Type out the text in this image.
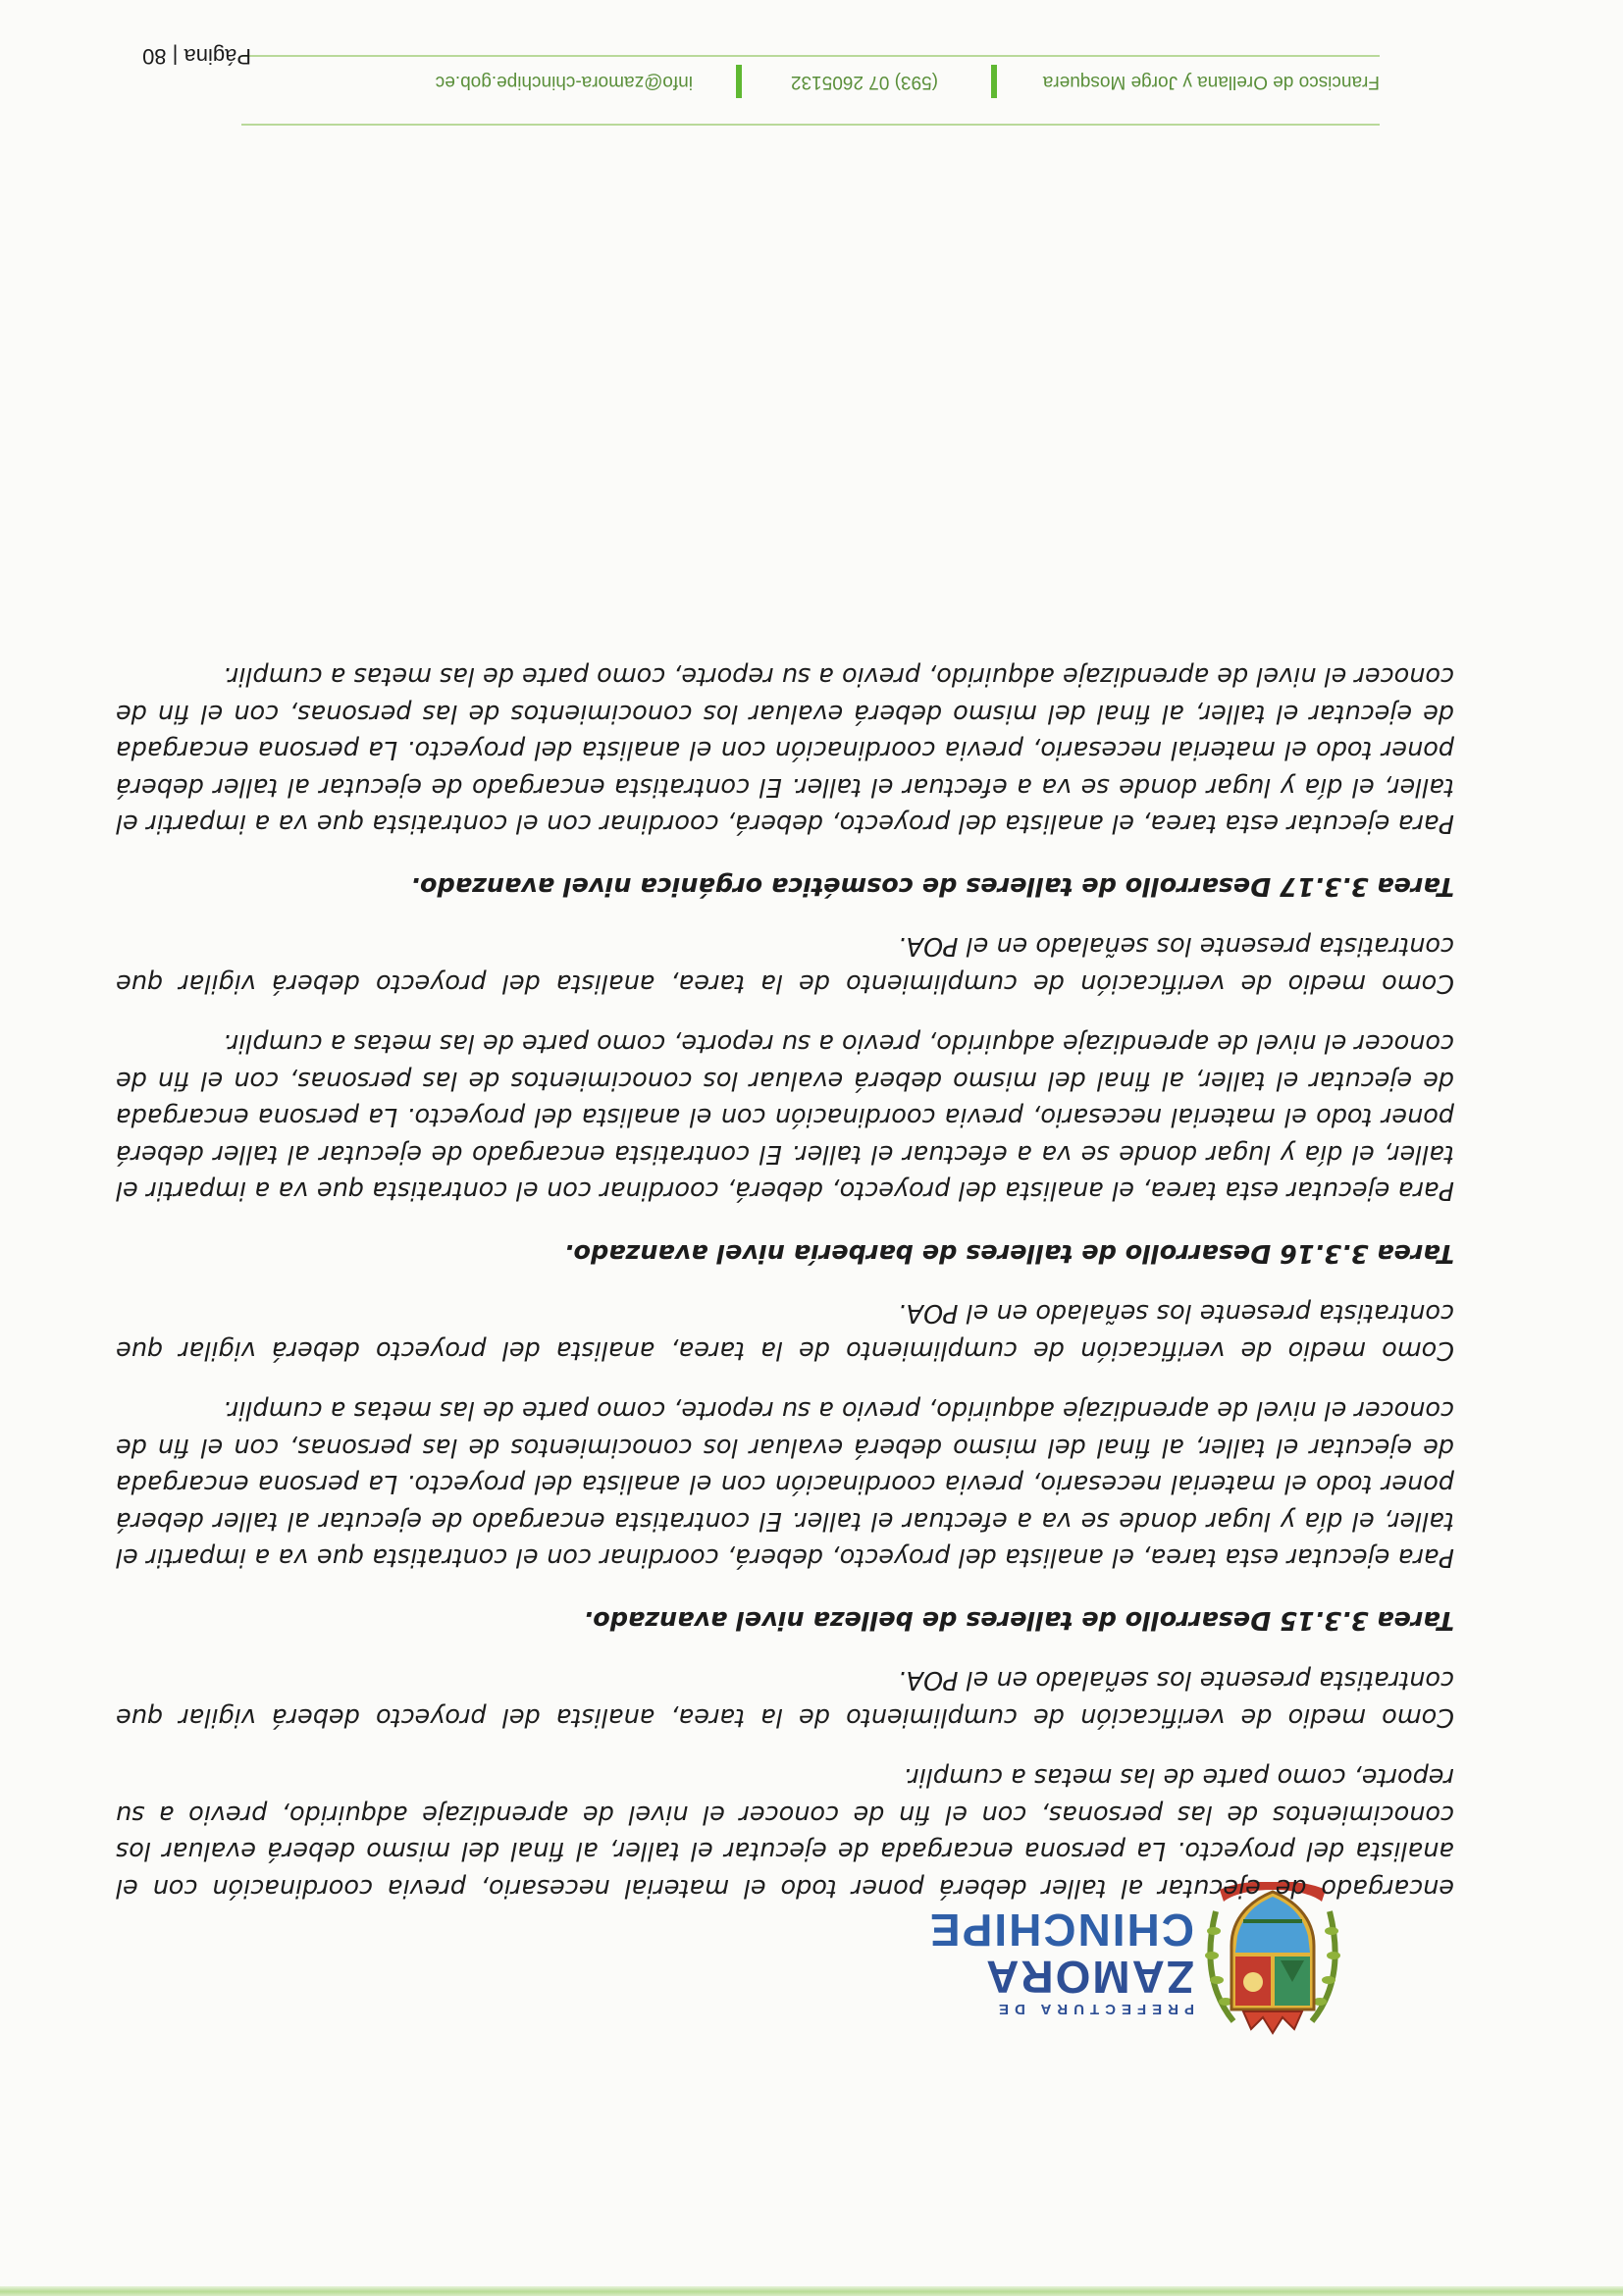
PREFECTURA DE
ZAMORA
CHINCHIPE

encargado de ejecutar al taller deberá poner todo el material necesario, previa coordinación con el analista del proyecto. La persona encargada de ejecutar el taller, al final del mismo deberá evaluar los conocimientos de las personas, con el fin de conocer el nivel de aprendizaje adquirido, previo a su reporte, como parte de las metas a cumplir.

Como medio de verificación de cumplimiento de la tarea, analista del proyecto deberá vigilar que contratista presente los señalado en el POA.

Tarea 3.3.15 Desarrollo de talleres de belleza nivel avanzado.

Para ejecutar esta tarea, el analista del proyecto, deberá, coordinar con el contratista que va a impartir el taller, el día y lugar donde se va a efectuar el taller. El contratista encargado de ejecutar al taller deberá poner todo el material necesario, previa coordinación con el analista del proyecto. La persona encargada de ejecutar el taller, al final del mismo deberá evaluar los conocimientos de las personas, con el fin de conocer el nivel de aprendizaje adquirido, previo a su reporte, como parte de las metas a cumplir.

Como medio de verificación de cumplimiento de la tarea, analista del proyecto deberá vigilar que contratista presente los señalado en el POA.

Tarea 3.3.16 Desarrollo de talleres de barbería nivel avanzado.

Para ejecutar esta tarea, el analista del proyecto, deberá, coordinar con el contratista que va a impartir el taller, el día y lugar donde se va a efectuar el taller. El contratista encargado de ejecutar al taller deberá poner todo el material necesario, previa coordinación con el analista del proyecto. La persona encargada de ejecutar el taller, al final del mismo deberá evaluar los conocimientos de las personas, con el fin de conocer el nivel de aprendizaje adquirido, previo a su reporte, como parte de las metas a cumplir.

Como medio de verificación de cumplimiento de la tarea, analista del proyecto deberá vigilar que contratista presente los señalado en el POA.

Tarea 3.3.17 Desarrollo de talleres de cosmética orgánica nivel avanzado.

Para ejecutar esta tarea, el analista del proyecto, deberá, coordinar con el contratista que va a impartir el taller, el día y lugar donde se va a efectuar el taller. El contratista encargado de ejecutar al taller deberá poner todo el material necesario, previa coordinación con el analista del proyecto. La persona encargada de ejecutar el taller, al final del mismo deberá evaluar los conocimientos de las personas, con el fin de conocer el nivel de aprendizaje adquirido, previo a su reporte, como parte de las metas a cumplir.

Francisco de Orellana y Jorge Mosquera
(593) 07 2605132
info@zamora-chinchipe.gob.ec
Página | 80
